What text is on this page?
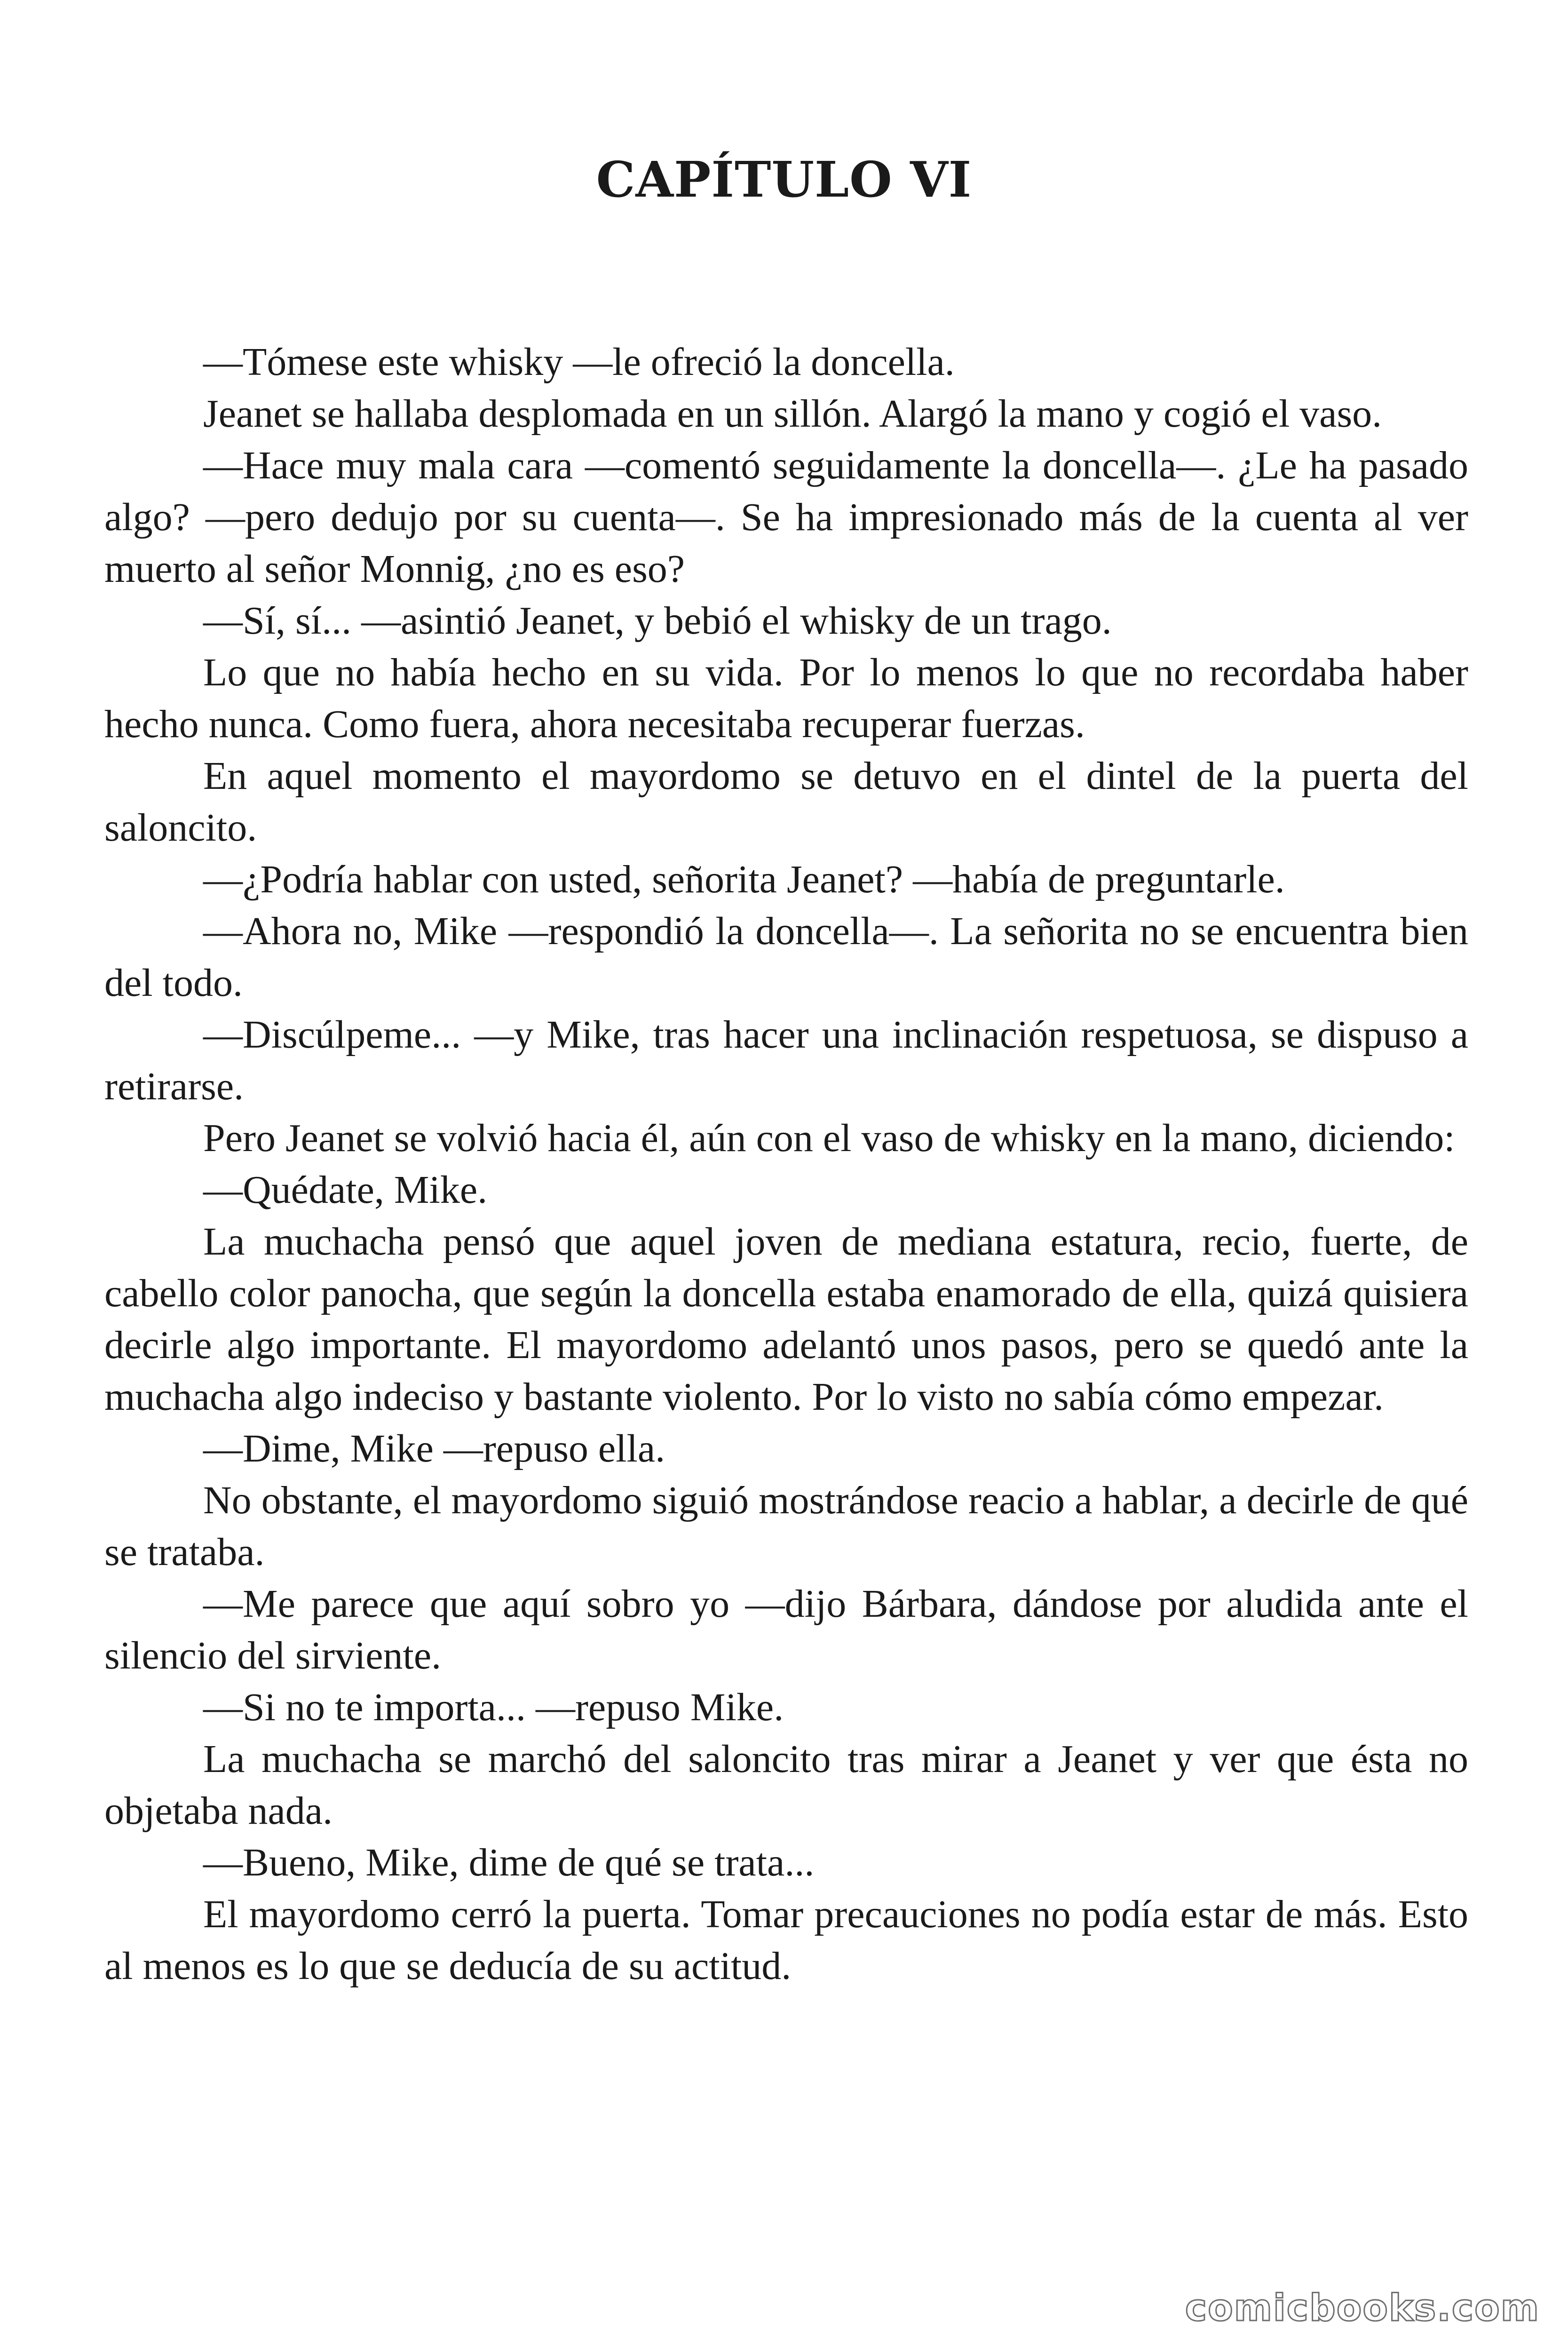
CAPÍTULO VI

—Tómese este whisky —le ofreció la doncella.

Jeanet se hallaba desplomada en un sillón. Alargó la mano y cogió el vaso.

—Hace muy mala cara —comentó seguidamente la doncella—. ¿Le ha pasado algo? —pero dedujo por su cuenta—. Se ha impresionado más de la cuenta al ver muerto al señor Monnig, ¿no es eso?

—Sí, sí... —asintió Jeanet, y bebió el whisky de un trago.

Lo que no había hecho en su vida. Por lo menos lo que no recordaba haber hecho nunca. Como fuera, ahora necesitaba recuperar fuerzas.

En aquel momento el mayordomo se detuvo en el dintel de la puerta del saloncito.

—¿Podría hablar con usted, señorita Jeanet? —había de preguntarle.

—Ahora no, Mike —respondió la doncella—. La señorita no se encuentra bien del todo.

—Discúlpeme... —y Mike, tras hacer una inclinación respetuosa, se dispuso a retirarse.

Pero Jeanet se volvió hacia él, aún con el vaso de whisky en la mano, diciendo:

—Quédate, Mike.

La muchacha pensó que aquel joven de mediana estatura, recio, fuerte, de cabello color panocha, que según la doncella estaba enamorado de ella, quizá quisiera decirle algo importante. El mayordomo adelantó unos pasos, pero se quedó ante la muchacha algo indeciso y bastante violento. Por lo visto no sabía cómo empezar.

—Dime, Mike —repuso ella.

No obstante, el mayordomo siguió mostrándose reacio a hablar, a decirle de qué se trataba.

—Me parece que aquí sobro yo —dijo Bárbara, dándose por aludida ante el silencio del sirviente.

—Si no te importa... —repuso Mike.

La muchacha se marchó del saloncito tras mirar a Jeanet y ver que ésta no objetaba nada.

—Bueno, Mike, dime de qué se trata...

El mayordomo cerró la puerta. Tomar precauciones no podía estar de más. Esto al menos es lo que se deducía de su actitud.

comicbooks.com
